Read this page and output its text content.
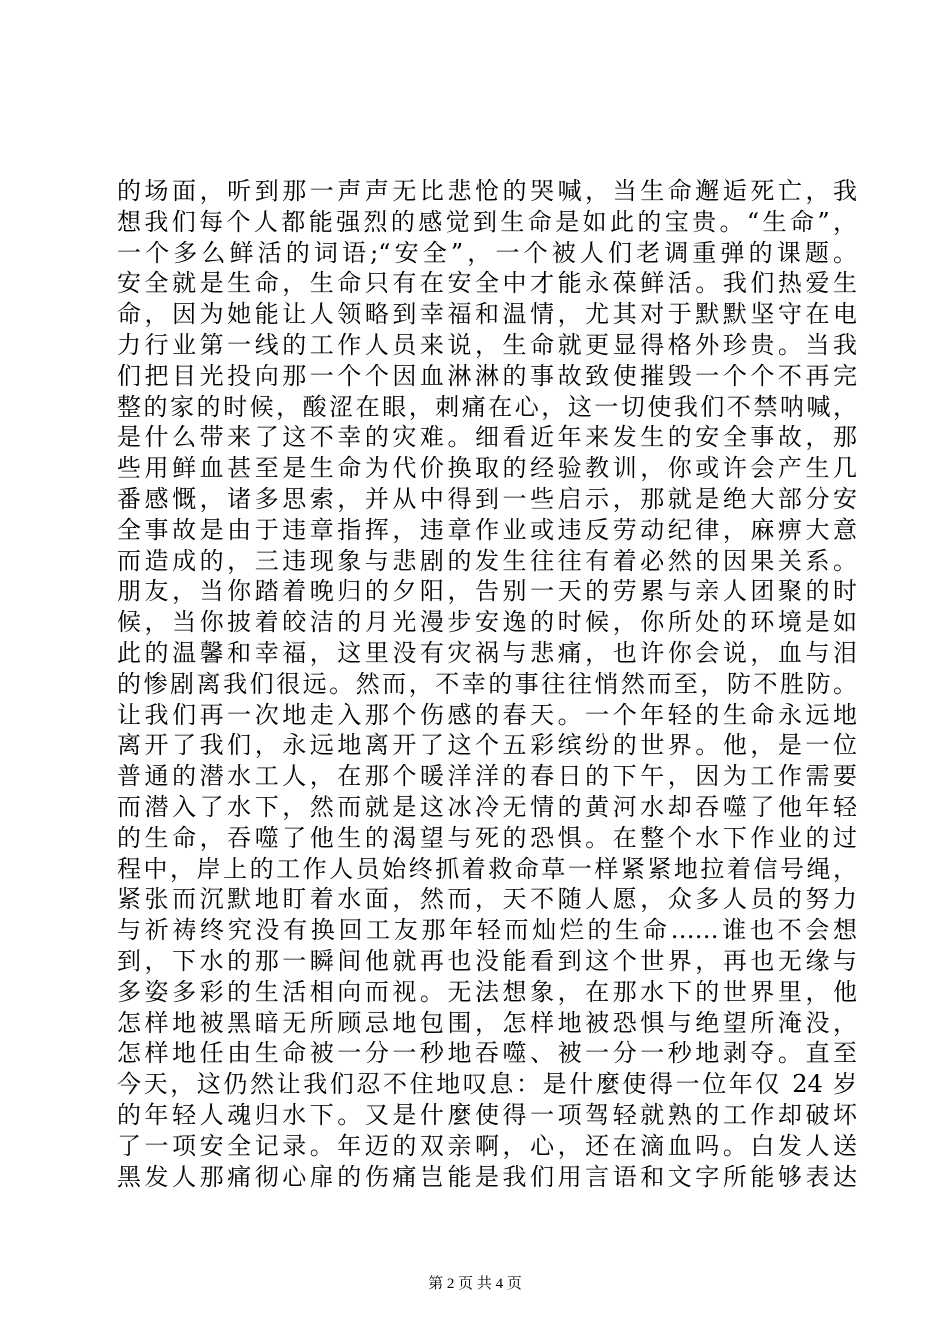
的场面，听到那一声声无比悲怆的哭喊，当生命邂逅死亡，我
想我们每个人都能强烈的感觉到生命是如此的宝贵。“生命”，
一个多么鲜活的词语;“安全”，一个被人们老调重弹的课题。
安全就是生命，生命只有在安全中才能永葆鲜活。我们热爱生
命，因为她能让人领略到幸福和温情，尤其对于默默坚守在电
力行业第一线的工作人员来说，生命就更显得格外珍贵。当我
们把目光投向那一个个因血淋淋的事故致使摧毁一个个不再完
整的家的时候，酸涩在眼，刺痛在心，这一切使我们不禁呐喊，
是什么带来了这不幸的灾难。细看近年来发生的安全事故，那
些用鲜血甚至是生命为代价换取的经验教训，你或许会产生几
番感慨，诸多思索，并从中得到一些启示，那就是绝大部分安
全事故是由于违章指挥，违章作业或违反劳动纪律，麻痹大意
而造成的，三违现象与悲剧的发生往往有着必然的因果关系。
朋友，当你踏着晚归的夕阳，告别一天的劳累与亲人团聚的时
候，当你披着皎洁的月光漫步安逸的时候，你所处的环境是如
此的温馨和幸福，这里没有灾祸与悲痛，也许你会说，血与泪
的惨剧离我们很远。然而，不幸的事往往悄然而至，防不胜防。
让我们再一次地走入那个伤感的春天。一个年轻的生命永远地
离开了我们，永远地离开了这个五彩缤纷的世界。他，是一位
普通的潜水工人，在那个暖洋洋的春日的下午，因为工作需要
而潜入了水下，然而就是这冰冷无情的黄河水却吞噬了他年轻
的生命，吞噬了他生的渴望与死的恐惧。在整个水下作业的过
程中，岸上的工作人员始终抓着救命草一样紧紧地拉着信号绳，
紧张而沉默地盯着水面，然而，天不随人愿，众多人员的努力
与祈祷终究没有换回工友那年轻而灿烂的生命……谁也不会想
到，下水的那一瞬间他就再也没能看到这个世界，再也无缘与
多姿多彩的生活相向而视。无法想象，在那水下的世界里，他
怎样地被黑暗无所顾忌地包围，怎样地被恐惧与绝望所淹没，
怎样地任由生命被一分一秒地吞噬、被一分一秒地剥夺。直至
今天，这仍然让我们忍不住地叹息：是什麼使得一位年仅 24 岁
的年轻人魂归水下。又是什麼使得一项驾轻就熟的工作却破坏
了一项安全记录。年迈的双亲啊，心，还在滴血吗。白发人送
黑发人那痛彻心扉的伤痛岂能是我们用言语和文字所能够表达
第 2 页 共 4 页
